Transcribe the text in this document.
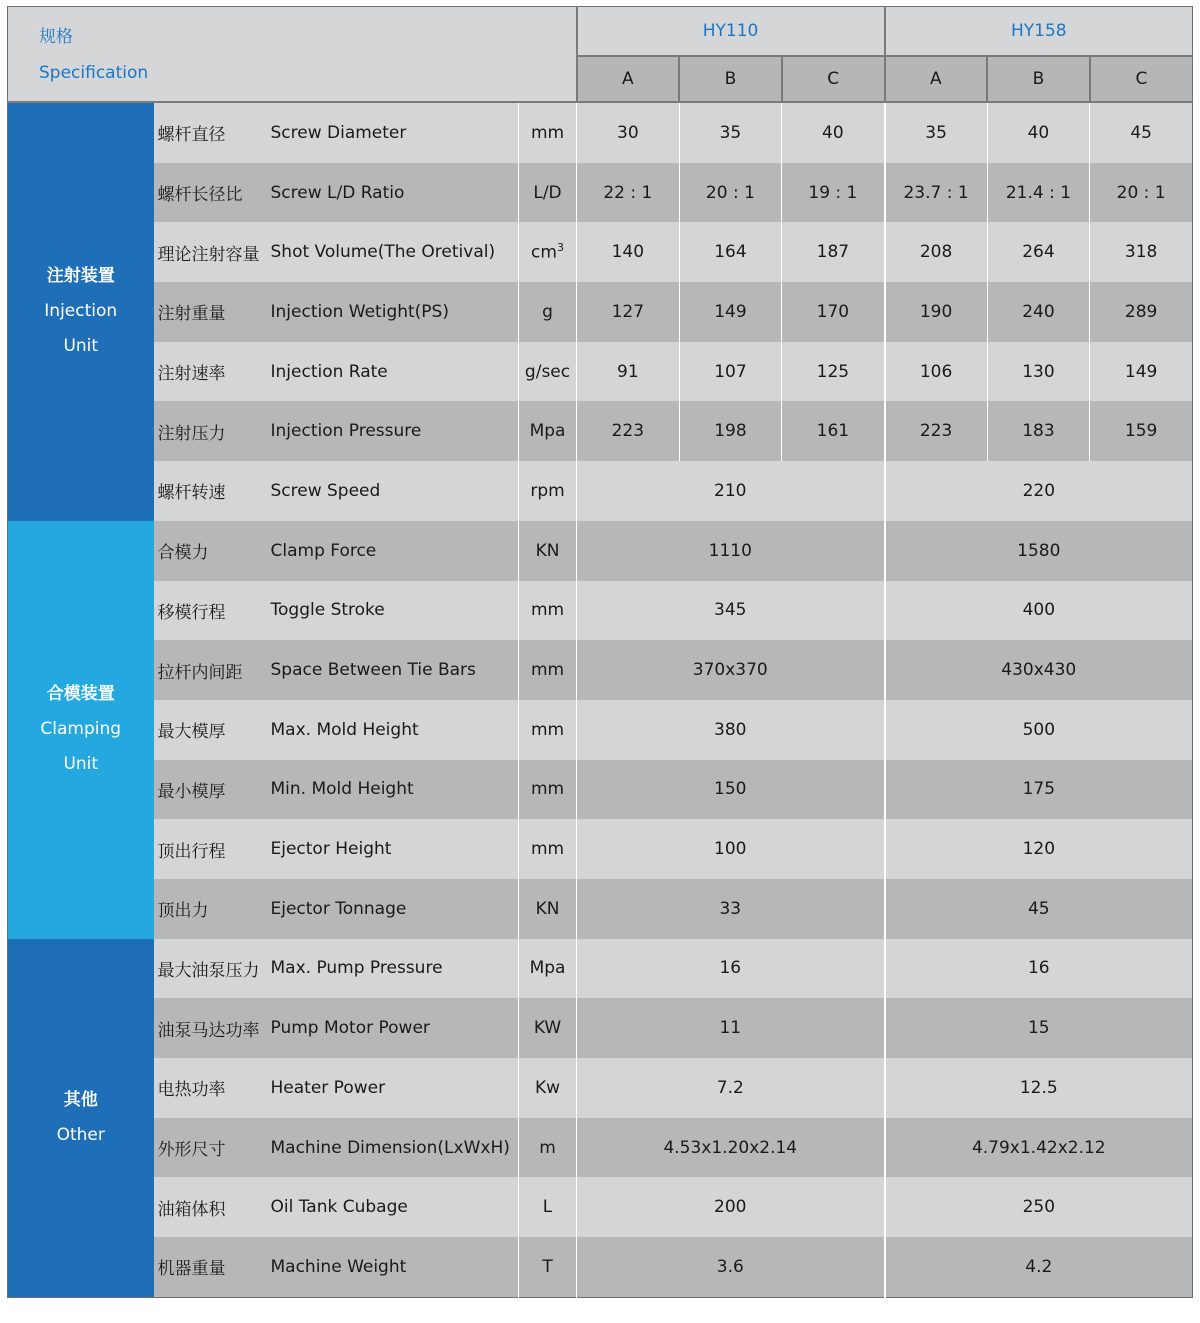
规格
Specification				HY110			HY158		
				A	B	C	A	B	C

注射装置
Injection
Unit	螺杆直径	Screw Diameter	mm	30	35	40	35	40	45
	螺杆长径比	Screw L/D Ratio	L/D	22 : 1	20 : 1	19 : 1	23.7 : 1	21.4 : 1	20 : 1
	理论注射容量	Shot Volume(The Oretival)	$cm^3$	140	164	187	208	264	318
	注射重量	Injection Wetight(PS)	g	127	149	170	190	240	289
	注射速率	Injection Rate	g/sec	91	107	125	106	130	149
	注射压力	Injection Pressure	Mpa	223	198	161	223	183	159
	螺杆转速	Screw Speed	rpm	210			220		

合模装置
Clamping
Unit	合模力	Clamp Force	KN	1110			1580		
	移模行程	Toggle Stroke	mm	345			400		
	拉杆内间距	Space Between Tie Bars	mm	370x370			430x430		
	最大模厚	Max. Mold Height	mm	380			500		
	最小模厚	Min. Mold Height	mm	150			175		
	顶出行程	Ejector Height	mm	100			120		
	顶出力	Ejector Tonnage	KN	33			45		

其他
Other	最大油泵压力	Max. Pump Pressure	Mpa	16			16		
	油泵马达功率	Pump Motor Power	KW	11			15		
	电热功率	Heater Power	Kw	7.2			12.5		
	外形尺寸	Machine Dimension(LxWxH)	m	4.53x1.20x2.14			4.79x1.42x2.12		
	油箱体积	Oil Tank Cubage	L	200			250		
	机器重量	Machine Weight	T	3.6			4.2		
